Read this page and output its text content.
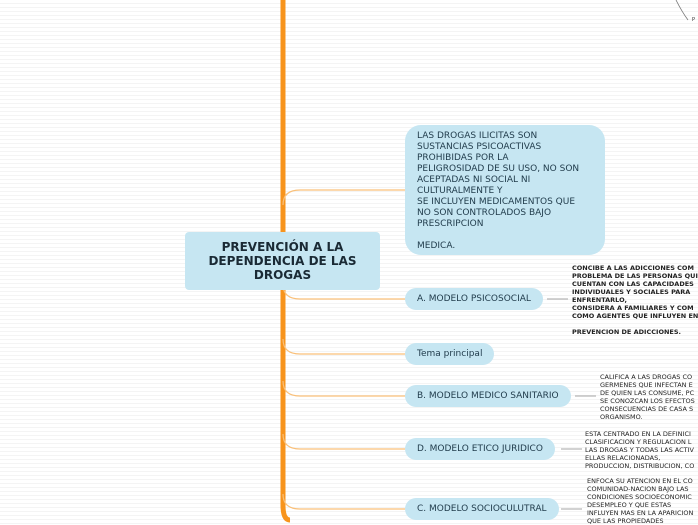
P
PREVENCIÓN A LA DEPENDENCIA DE LAS DROGAS
LAS DROGAS ILICITAS SON
SUSTANCIAS PSICOACTIVAS
PROHIBIDAS POR LA
PELIGROSIDAD DE SU USO, NO SON
ACEPTADAS NI SOCIAL NI
CULTURALMENTE Y
SE INCLUYEN MEDICAMENTOS QUE
NO SON CONTROLADOS BAJO
PRESCRIPCION

MEDICA.
A. MODELO PSICOSOCIAL
CONCIBE A LAS ADICCIONES COM
PROBLEMA DE LAS PERSONAS QUI
CUENTAN CON LAS CAPACIDADES
INDIVIDUALES Y SOCIALES PARA
ENFRENTARLO,
CONSIDERA A FAMILIARES Y COM
COMO AGENTES QUE INFLUYEN EN

PREVENCION DE ADICCIONES.
Tema principal
B. MODELO MEDICO SANITARIO
CALIFICA A LAS DROGAS CO
GERMENES QUE INFECTAN E
DE QUIEN LAS CONSUME, PC
SE CONOZCAN LOS EFECTOS
CONSECUENCIAS DE CASA S
ORGANISMO.
D. MODELO ETICO JURIDICO
ESTA CENTRADO EN LA DEFINICI
CLASIFICACION Y REGULACION L
LAS DROGAS Y TODAS LAS ACTIV
ELLAS RELACIONADAS,
PRODUCCION, DISTRIBUCION, CO
C. MODELO SOCIOCULUTRAL
ENFOCA SU ATENCION EN EL CO
COMUNIDAD-NACION BAJO LAS
CONDICIONES SOCIOECONOMIC
DESEMPLEO Y QUE ESTAS
INFLUYEN MAS EN LA APARICION
QUE LAS PROPIEDADES
